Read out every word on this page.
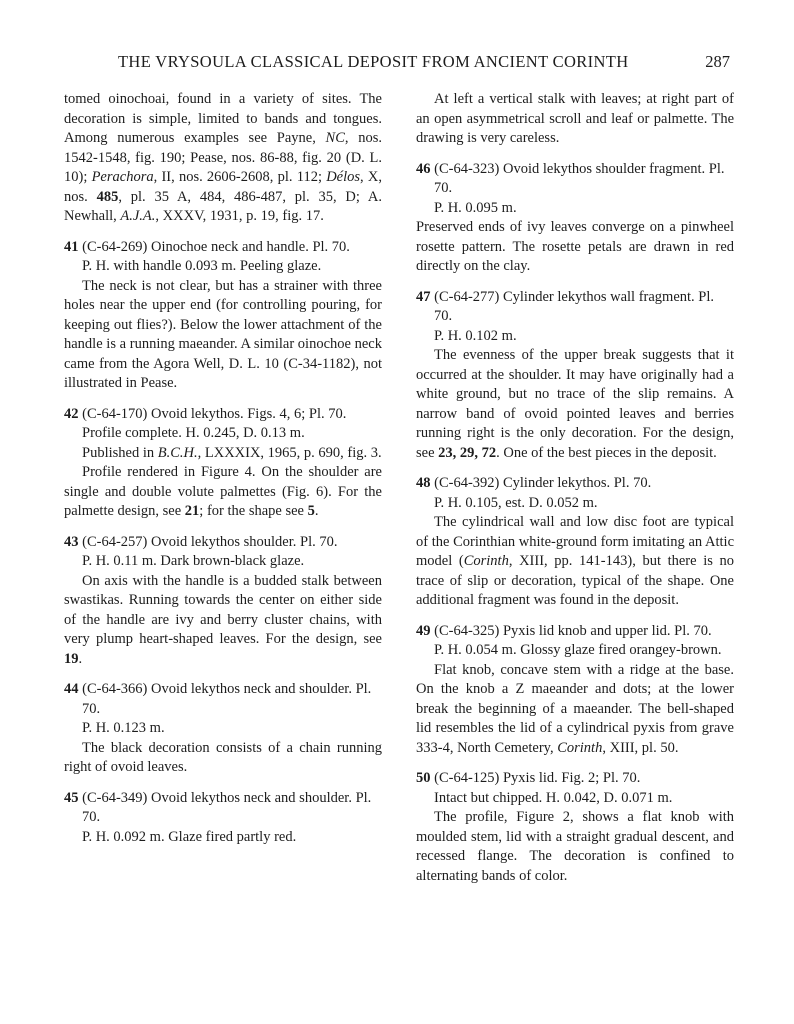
THE VRYSOULA CLASSICAL DEPOSIT FROM ANCIENT CORINTH	287

tomed oinochoai, found in a variety of sites. The decoration is simple, limited to bands and tongues. Among numerous examples see Payne, NC, nos. 1542-1548, fig. 190; Pease, nos. 86-88, fig. 20 (D. L. 10); Perachora, II, nos. 2606-2608, pl. 112; Délos, X, nos. 485, pl. 35 A, 484, 486-487, pl. 35, D; A. Newhall, A.J.A., XXXV, 1931, p. 19, fig. 17.

41 (C-64-269) Oinochoe neck and handle. Pl. 70.

P. H. with handle 0.093 m. Peeling glaze.

The neck is not clear, but has a strainer with three holes near the upper end (for controlling pouring, for keeping out flies?). Below the lower attachment of the handle is a running maeander. A similar oinochoe neck came from the Agora Well, D. L. 10 (C-34-1182), not illustrated in Pease.

42 (C-64-170) Ovoid lekythos. Figs. 4, 6; Pl. 70.

Profile complete. H. 0.245, D. 0.13 m.

Published in B.C.H., LXXXIX, 1965, p. 690, fig. 3.

Profile rendered in Figure 4. On the shoulder are single and double volute palmettes (Fig. 6). For the palmette design, see 21; for the shape see 5.

43 (C-64-257) Ovoid lekythos shoulder. Pl. 70.

P. H. 0.11 m. Dark brown-black glaze.

On axis with the handle is a budded stalk between swastikas. Running towards the center on either side of the handle are ivy and berry cluster chains, with very plump heart-shaped leaves. For the design, see 19.

44 (C-64-366) Ovoid lekythos neck and shoulder. Pl. 70.

P. H. 0.123 m.

The black decoration consists of a chain running right of ovoid leaves.

45 (C-64-349) Ovoid lekythos neck and shoulder. Pl. 70.

P. H. 0.092 m. Glaze fired partly red.

At left a vertical stalk with leaves; at right part of an open asymmetrical scroll and leaf or palmette. The drawing is very careless.

46 (C-64-323) Ovoid lekythos shoulder fragment. Pl. 70.

P. H. 0.095 m.

Preserved ends of ivy leaves converge on a pinwheel rosette pattern. The rosette petals are drawn in red directly on the clay.

47 (C-64-277) Cylinder lekythos wall fragment. Pl. 70.

P. H. 0.102 m.

The evenness of the upper break suggests that it occurred at the shoulder. It may have originally had a white ground, but no trace of the slip remains. A narrow band of ovoid pointed leaves and berries running right is the only decoration. For the design, see 23, 29, 72. One of the best pieces in the deposit.

48 (C-64-392) Cylinder lekythos. Pl. 70.

P. H. 0.105, est. D. 0.052 m.

The cylindrical wall and low disc foot are typical of the Corinthian white-ground form imitating an Attic model (Corinth, XIII, pp. 141-143), but there is no trace of slip or decoration, typical of the shape. One additional fragment was found in the deposit.

49 (C-64-325) Pyxis lid knob and upper lid. Pl. 70.

P. H. 0.054 m. Glossy glaze fired orangey-brown.

Flat knob, concave stem with a ridge at the base. On the knob a Z maeander and dots; at the lower break the beginning of a maeander. The bell-shaped lid resembles the lid of a cylindrical pyxis from grave 333-4, North Cemetery, Corinth, XIII, pl. 50.

50 (C-64-125) Pyxis lid. Fig. 2; Pl. 70.

Intact but chipped. H. 0.042, D. 0.071 m.

The profile, Figure 2, shows a flat knob with moulded stem, lid with a straight gradual descent, and recessed flange. The decoration is confined to alternating bands of color.
